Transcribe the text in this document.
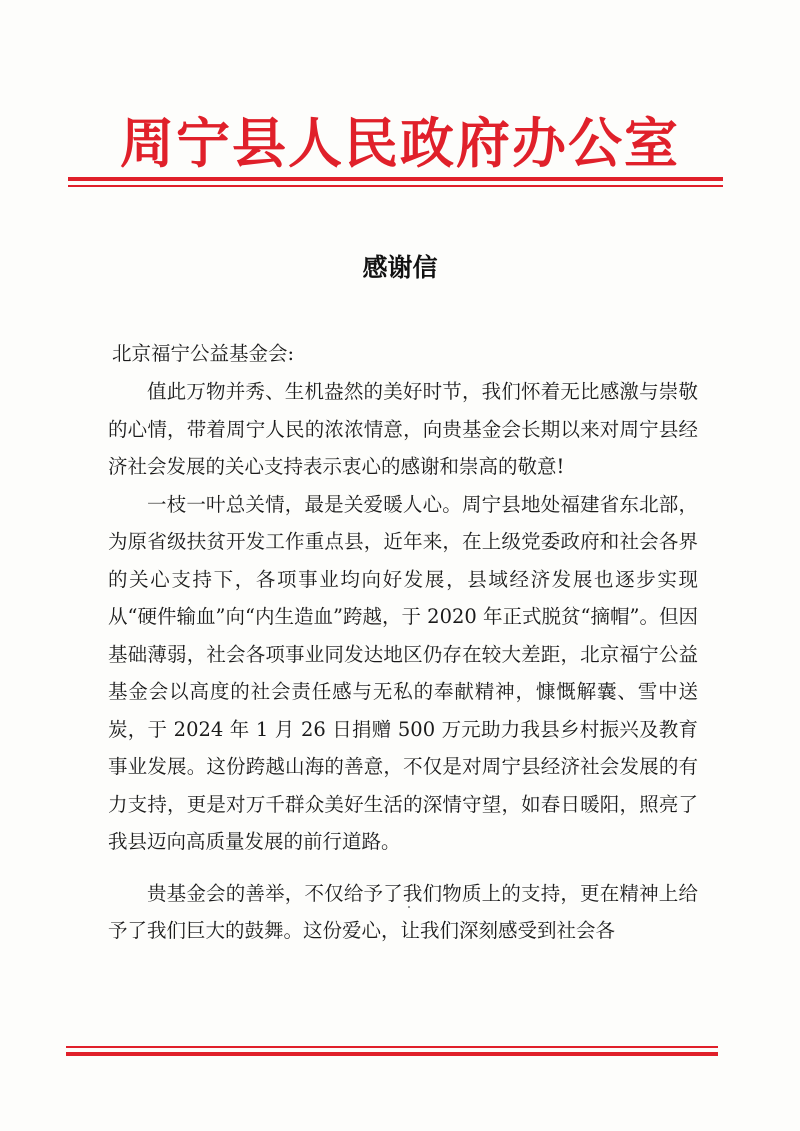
周宁县人民政府办公室
感谢信
北京福宁公益基金会:

值此万物并秀、生机盎然的美好时节，我们怀着无比感激与崇敬的心情，带着周宁人民的浓浓情意，向贵基金会长期以来对周宁县经济社会发展的关心支持表示衷心的感谢和崇高的敬意!

一枝一叶总关情，最是关爱暖人心。周宁县地处福建省东北部，为原省级扶贫开发工作重点县，近年来，在上级党委政府和社会各界的关心支持下，各项事业均向好发展，县域经济发展也逐步实现从“硬件输血”向“内生造血”跨越，于 2020 年正式脱贫“摘帽”。但因基础薄弱，社会各项事业同发达地区仍存在较大差距，北京福宁公益基金会以高度的社会责任感与无私的奉献精神，慷慨解囊、雪中送炭，于 2024 年 1 月 26 日捐赠 500 万元助力我县乡村振兴及教育事业发展。这份跨越山海的善意，不仅是对周宁县经济社会发展的有力支持，更是对万千群众美好生活的深情守望，如春日暖阳，照亮了我县迈向高质量发展的前行道路。

贵基金会的善举，不仅给予了我们物质上的支持，更在精神上给予了我们巨大的鼓舞。这份爱心，让我们深刻感受到社会各
